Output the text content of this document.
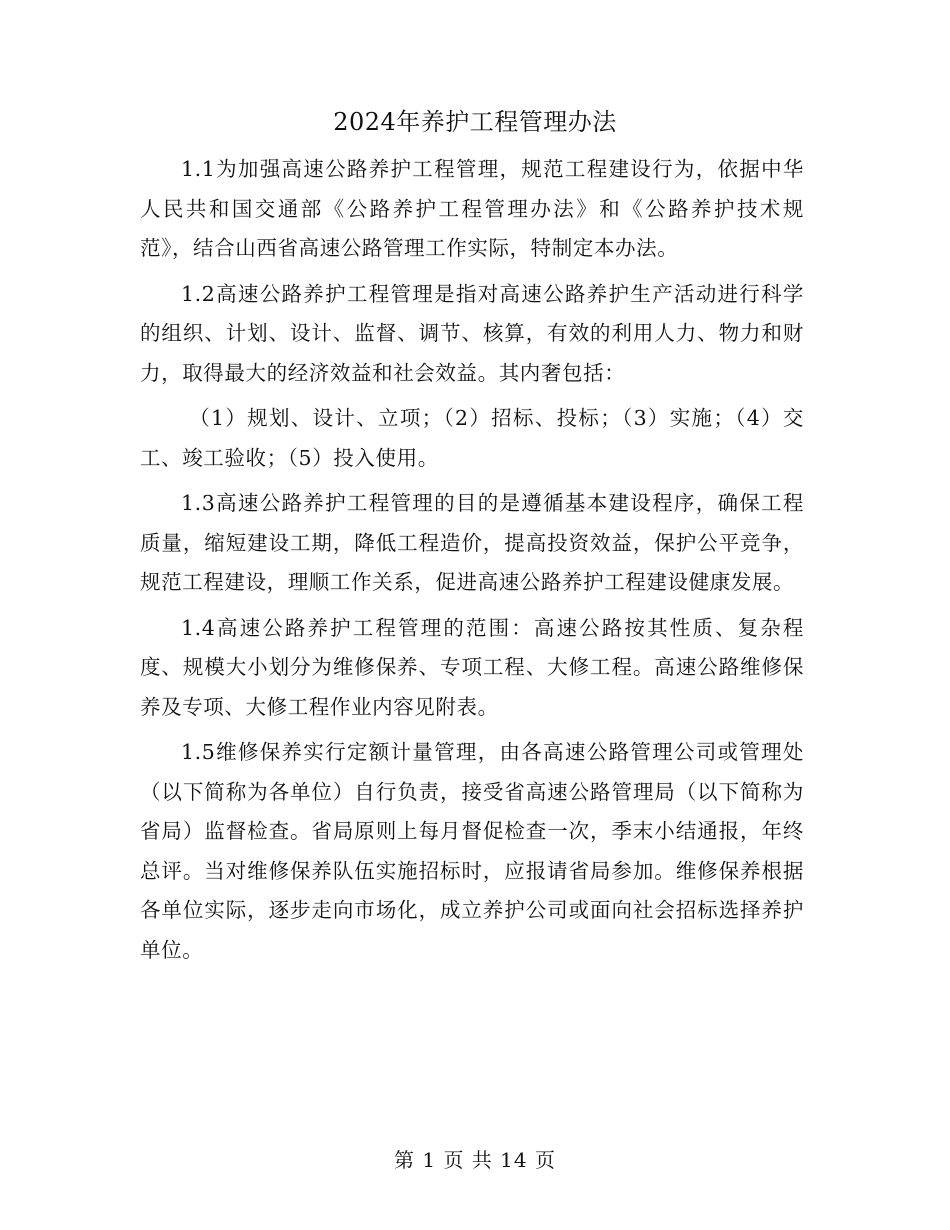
2024年养护工程管理办法

1.1为加强高速公路养护工程管理，规范工程建设行为，依据中华人民共和国交通部《公路养护工程管理办法》和《公路养护技术规范》，结合山西省高速公路管理工作实际，特制定本办法。

1.2高速公路养护工程管理是指对高速公路养护生产活动进行科学的组织、计划、设计、监督、调节、核算，有效的利用人力、物力和财力，取得最大的经济效益和社会效益。其内奢包括：

（1）规划、设计、立项；（2）招标、投标；（3）实施；（4）交工、竣工验收；（5）投入使用。

1.3高速公路养护工程管理的目的是遵循基本建设程序，确保工程质量，缩短建设工期，降低工程造价，提高投资效益，保护公平竞争，规范工程建设，理顺工作关系，促进高速公路养护工程建设健康发展。

1.4高速公路养护工程管理的范围：高速公路按其性质、复杂程度、规模大小划分为维修保养、专项工程、大修工程。高速公路维修保养及专项、大修工程作业内容见附表。

1.5维修保养实行定额计量管理，由各高速公路管理公司或管理处（以下简称为各单位）自行负责，接受省高速公路管理局（以下简称为省局）监督检查。省局原则上每月督促检查一次，季末小结通报，年终总评。当对维修保养队伍实施招标时，应报请省局参加。维修保养根据各单位实际，逐步走向市场化，成立养护公司或面向社会招标选择养护单位。

第 1 页 共 14 页
